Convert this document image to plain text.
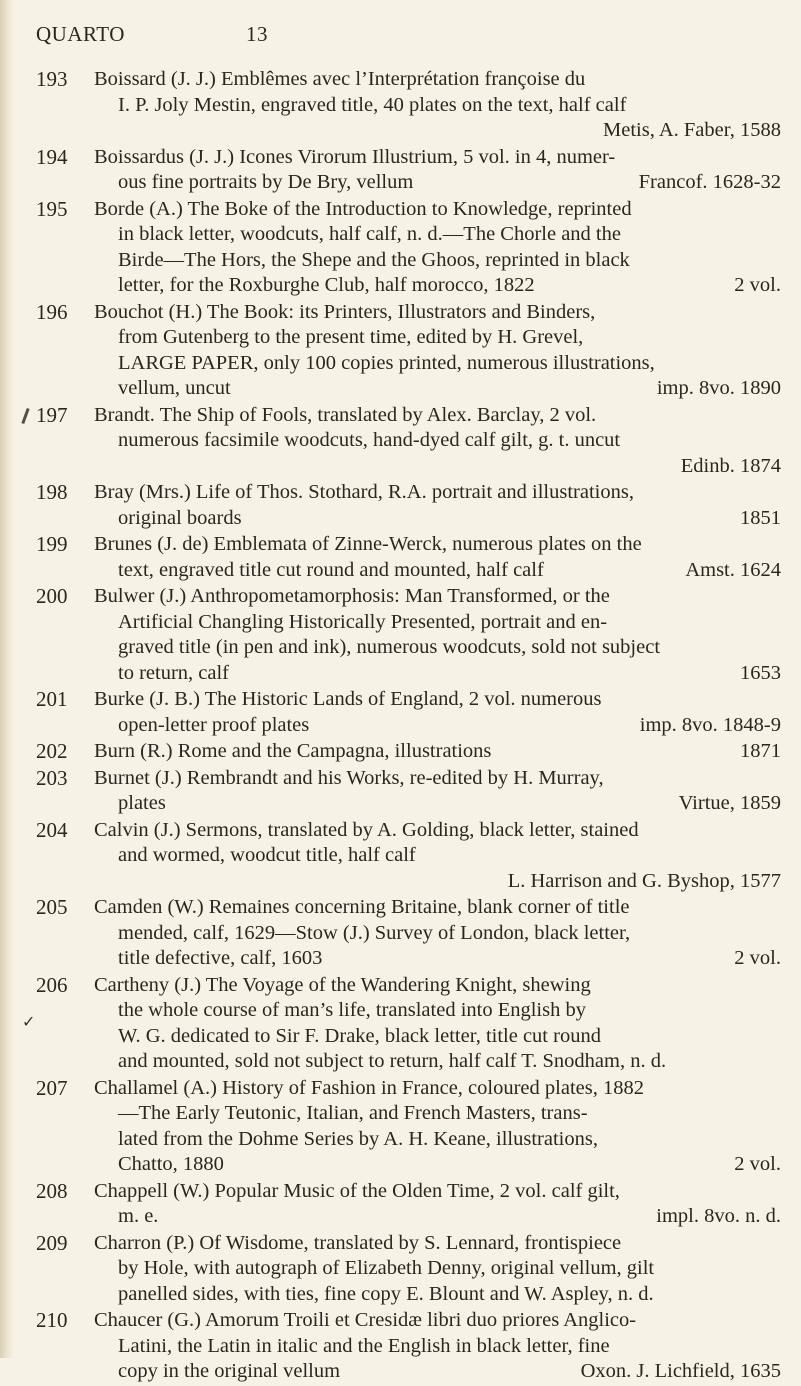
✓
QUARTO	13
193	Boissard (J. J.) Emblêmes avec l’Interprétation françoise du
I. P. Joly Mestin, engraved title, 40 plates on the text, half calf
Metis, A. Faber, 1588
194	Boissardus (J. J.) Icones Virorum Illustrium, 5 vol. in 4, numer-
ous fine portraits by De Bry, vellum	Francof. 1628-32
195	Borde (A.) The Boke of the Introduction to Knowledge, reprinted
in black letter, woodcuts, half calf, n. d.—The Chorle and the
Birde—The Hors, the Shepe and the Ghoos, reprinted in black
letter, for the Roxburghe Club, half morocco, 1822	2 vol.
196	Bouchot (H.) The Book: its Printers, Illustrators and Binders,
from Gutenberg to the present time, edited by H. Grevel,
LARGE PAPER, only 100 copies printed, numerous illustrations,
vellum, uncut	imp. 8vo. 1890
197	Brandt. The Ship of Fools, translated by Alex. Barclay, 2 vol.
numerous facsimile woodcuts, hand-dyed calf gilt, g. t. uncut
Edinb. 1874
198	Bray (Mrs.) Life of Thos. Stothard, R.A. portrait and illustrations,
original boards	1851
199	Brunes (J. de) Emblemata of Zinne-Werck, numerous plates on the
text, engraved title cut round and mounted, half calf	Amst. 1624
200	Bulwer (J.) Anthropometamorphosis: Man Transformed, or the
Artificial Changling Historically Presented, portrait and en-
graved title (in pen and ink), numerous woodcuts, sold not subject
to return, calf	1653
201	Burke (J. B.) The Historic Lands of England, 2 vol. numerous
open-letter proof plates	imp. 8vo. 1848-9
202	Burn (R.) Rome and the Campagna, illustrations	1871
203	Burnet (J.) Rembrandt and his Works, re-edited by H. Murray,
plates	Virtue, 1859
204	Calvin (J.) Sermons, translated by A. Golding, black letter, stained
and wormed, woodcut title, half calf
L. Harrison and G. Byshop, 1577
205	Camden (W.) Remaines concerning Britaine, blank corner of title
mended, calf, 1629—Stow (J.) Survey of London, black letter,
title defective, calf, 1603	2 vol.
206	Cartheny (J.) The Voyage of the Wandering Knight, shewing
the whole course of man’s life, translated into English by
W. G. dedicated to Sir F. Drake, black letter, title cut round
and mounted, sold not subject to return, half calf T. Snodham, n. d.
207	Challamel (A.) History of Fashion in France, coloured plates, 1882
—The Early Teutonic, Italian, and French Masters, trans-
lated from the Dohme Series by A. H. Keane, illustrations,
Chatto, 1880	2 vol.
208	Chappell (W.) Popular Music of the Olden Time, 2 vol. calf gilt,
m. e.	impl. 8vo. n. d.
209	Charron (P.) Of Wisdome, translated by S. Lennard, frontispiece
by Hole, with autograph of Elizabeth Denny, original vellum, gilt
panelled sides, with ties, fine copy E. Blount and W. Aspley, n. d.
210	Chaucer (G.) Amorum Troili et Cresidæ libri duo priores Anglico-
Latini, the Latin in italic and the English in black letter, fine
copy in the original vellum	Oxon. J. Lichfield, 1635
